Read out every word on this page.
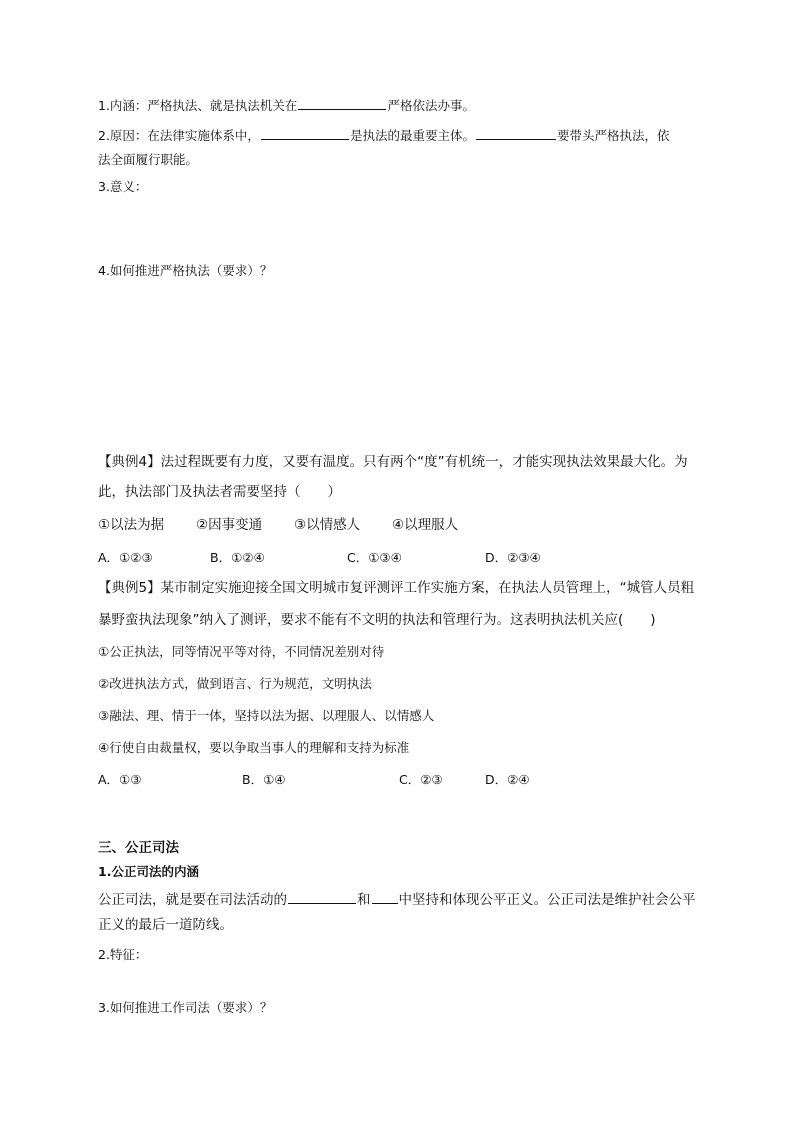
1.内涵：严格执法、就是执法机关在	严格依法办事。
2.原因：在法律实施体系中，	是执法的最重要主体。	要带头严格执法，依
法全面履行职能。
3.意义：
4.如何推进严格执法（要求）？
【典例4】法过程既要有力度，又要有温度。只有两个“度”有机统一，才能实现执法效果最大化。为
此，执法部门及执法者需要坚持（　　）
①以法为据 ②因事变通 ③以情感人 ④以理服人
A．①②③	B．①②④	C．①③④	D．②③④
【典例5】某市制定实施迎接全国文明城市复评测评工作实施方案，在执法人员管理上，“城管人员粗
暴野蛮执法现象”纳入了测评，要求不能有不文明的执法和管理行为。这表明执法机关应(　　)
①公正执法，同等情况平等对待，不同情况差别对待
②改进执法方式，做到语言、行为规范，文明执法
③融法、理、情于一体，坚持以法为据、以理服人、以情感人
④行使自由裁量权，要以争取当事人的理解和支持为标准
A．①③	B．①④	C．②③	D．②④
三、公正司法
1.公正司法的内涵
公正司法，就是要在司法活动的	和 中坚持和体现公平正义。公正司法是维护社会公平
正义的最后一道防线。
2.特征：
3.如何推进工作司法（要求）？
